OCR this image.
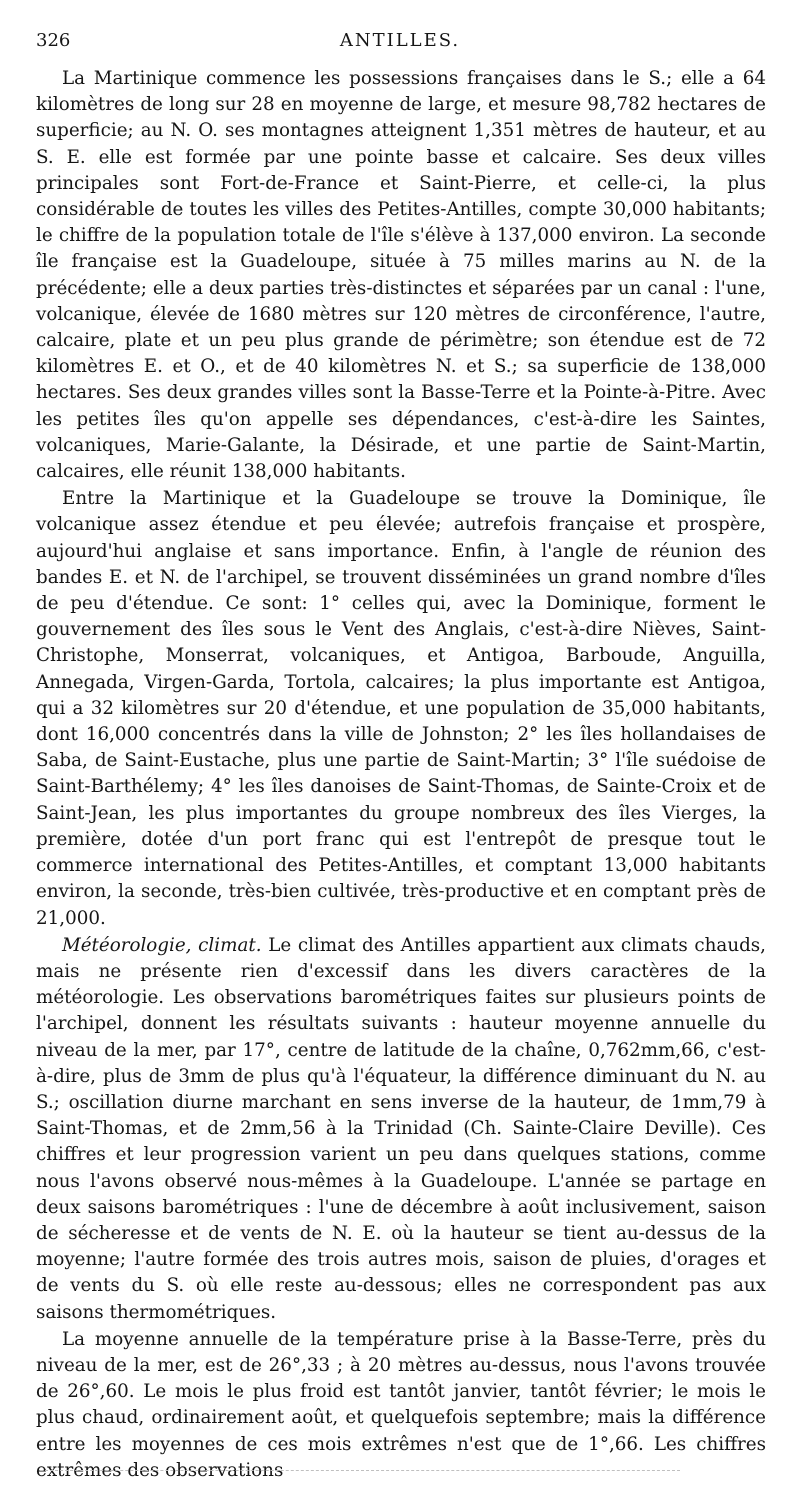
326	ANTILLES.

La Martinique commence les possessions françaises dans le S.; elle a 64 kilomètres de long sur 28 en moyenne de large, et mesure 98,782 hectares de superficie; au N. O. ses montagnes atteignent 1,351 mètres de hauteur, et au S. E. elle est formée par une pointe basse et calcaire. Ses deux villes principales sont Fort-de-France et Saint-Pierre, et celle-ci, la plus considérable de toutes les villes des Petites-Antilles, compte 30,000 habitants; le chiffre de la population totale de l'île s'élève à 137,000 environ. La seconde île française est la Guadeloupe, située à 75 milles marins au N. de la précédente; elle a deux parties très-distinctes et séparées par un canal : l'une, volcanique, élevée de 1680 mètres sur 120 mètres de circonférence, l'autre, calcaire, plate et un peu plus grande de périmètre; son étendue est de 72 kilomètres E. et O., et de 40 kilomètres N. et S.; sa superficie de 138,000 hectares. Ses deux grandes villes sont la Basse-Terre et la Pointe-à-Pitre. Avec les petites îles qu'on appelle ses dépendances, c'est-à-dire les Saintes, volcaniques, Marie-Galante, la Désirade, et une partie de Saint-Martin, calcaires, elle réunit 138,000 habitants.

Entre la Martinique et la Guadeloupe se trouve la Dominique, île volcanique assez étendue et peu élevée; autrefois française et prospère, aujourd'hui anglaise et sans importance. Enfin, à l'angle de réunion des bandes E. et N. de l'archipel, se trouvent disséminées un grand nombre d'îles de peu d'étendue. Ce sont: 1° celles qui, avec la Dominique, forment le gouvernement des îles sous le Vent des Anglais, c'est-à-dire Nièves, Saint-Christophe, Monserrat, volcaniques, et Antigoa, Barboude, Anguilla, Annegada, Virgen-Garda, Tortola, calcaires; la plus importante est Antigoa, qui a 32 kilomètres sur 20 d'étendue, et une population de 35,000 habitants, dont 16,000 concentrés dans la ville de Johnston; 2° les îles hollandaises de Saba, de Saint-Eustache, plus une partie de Saint-Martin; 3° l'île suédoise de Saint-Barthélemy; 4° les îles danoises de Saint-Thomas, de Sainte-Croix et de Saint-Jean, les plus importantes du groupe nombreux des îles Vierges, la première, dotée d'un port franc qui est l'entrepôt de presque tout le commerce international des Petites-Antilles, et comptant 13,000 habitants environ, la seconde, très-bien cultivée, très-productive et en comptant près de 21,000.

Météorologie, climat. Le climat des Antilles appartient aux climats chauds, mais ne présente rien d'excessif dans les divers caractères de la météorologie. Les observations barométriques faites sur plusieurs points de l'archipel, donnent les résultats suivants : hauteur moyenne annuelle du niveau de la mer, par 17°, centre de latitude de la chaîne, 0,762mm,66, c'est-à-dire, plus de 3mm de plus qu'à l'équateur, la différence diminuant du N. au S.; oscillation diurne marchant en sens inverse de la hauteur, de 1mm,79 à Saint-Thomas, et de 2mm,56 à la Trinidad (Ch. Sainte-Claire Deville). Ces chiffres et leur progression varient un peu dans quelques stations, comme nous l'avons observé nous-mêmes à la Guadeloupe. L'année se partage en deux saisons barométriques : l'une de décembre à août inclusivement, saison de sécheresse et de vents de N. E. où la hauteur se tient au-dessus de la moyenne; l'autre formée des trois autres mois, saison de pluies, d'orages et de vents du S. où elle reste au-dessous; elles ne correspondent pas aux saisons thermométriques.

La moyenne annuelle de la température prise à la Basse-Terre, près du niveau de la mer, est de 26°,33 ; à 20 mètres au-dessus, nous l'avons trouvée de 26°,60. Le mois le plus froid est tantôt janvier, tantôt février; le mois le plus chaud, ordinairement août, et quelquefois septembre; mais la différence entre les moyennes de ces mois extrêmes n'est que de 1°,66. Les chiffres extrêmes des observations
